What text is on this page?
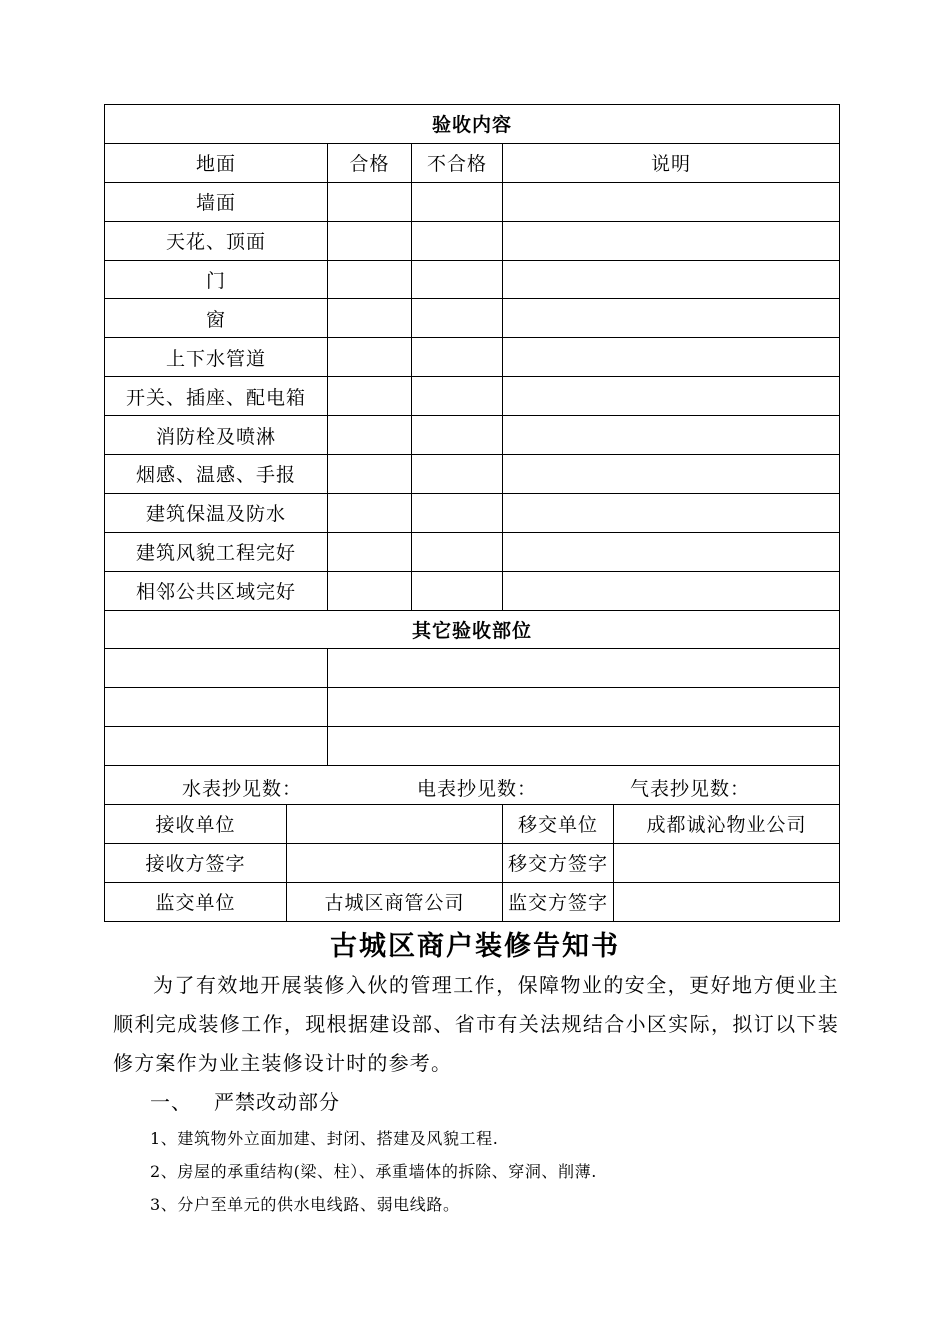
验收内容					
地面		合格	不合格	说明	
墙面					
天花、顶面					
门					
窗					
上下水管道					
开关、插座、配电箱					
消防栓及喷淋					
烟感、温感、手报					
建筑保温及防水					
建筑风貌工程完好					
相邻公共区域完好					
其它验收部位					

水表抄见数： 电表抄见数： 气表抄见数：					

接收单位				移交单位	成都诚沁物业公司
接收方签字				移交方签字	
监交单位	古城区商管公司			监交方签字	
古城区商户装修告知书

为了有效地开展装修入伙的管理工作，保障物业的安全，更好地方便业主顺利完成装修工作，现根据建设部、省市有关法规结合小区实际，拟订以下装修方案作为业主装修设计时的参考。

一、 严禁改动部分
1、建筑物外立面加建、封闭、搭建及风貌工程.
2、房屋的承重结构(梁、柱）、承重墙体的拆除、穿洞、削薄.
3、分户至单元的供水电线路、弱电线路。
